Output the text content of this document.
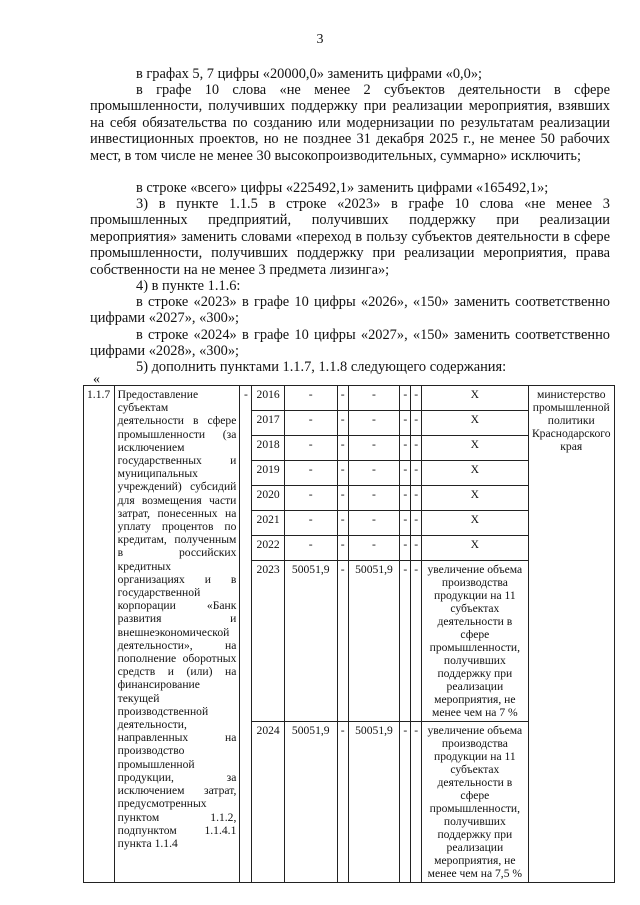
3
в графах 5, 7 цифры «20000,0» заменить цифрами «0,0»;
в графе 10 слова «не менее 2 субъектов деятельности в сфере промышленности, получивших поддержку при реализации мероприятия, взявших на себя обязательства по созданию или модернизации по результатам реализации инвестиционных проектов, но не позднее 31 декабря 2025 г., не менее 50 рабочих мест, в том числе не менее 30 высокопроизводительных, суммарно» исключить;
в строке «всего» цифры «225492,1» заменить цифрами «165492,1»;
3) в пункте 1.1.5 в строке «2023» в графе 10 слова «не менее 3 промышленных предприятий, получивших поддержку при реализации мероприятия» заменить словами «переход в пользу субъектов деятельности в сфере промышленности, получивших поддержку при реализации мероприятия, права собственности на не менее 3 предмета лизинга»;
4) в пункте 1.1.6:
в строке «2023» в графе 10 цифры «2026», «150» заменить соответственно цифрами «2027», «300»;
в строке «2024» в графе 10 цифры «2027», «150» заменить соответственно цифрами «2028», «300»;
5) дополнить пунктами 1.1.7, 1.1.8 следующего содержания:
«
1.1.7	Предоставление субъектам деятельности в сфере промышленности (за исключением государственных и муниципальных учреждений) субсидий для возмещения части затрат, понесенных на уплату процентов по кредитам, полученным в российских кредитных организациях и в государственной корпорации «Банк развития и внешнеэкономической деятельности», на пополнение оборотных средств и (или) на финансирование текущей производственной деятельности, направленных на производство промышленной продукции, за исключением затрат, предусмотренных пунктом 1.1.2, подпунктом 1.1.4.1 пункта 1.1.4	-	2016	-	-	-	-	-	X	министерство промышленной политики Краснодарского края
			2017	-	-	-	-	-	X	
			2018	-	-	-	-	-	X	
			2019	-	-	-	-	-	X	
			2020	-	-	-	-	-	X	
			2021	-	-	-	-	-	X	
			2022	-	-	-	-	-	X	
			2023	50051,9	-	50051,9	-	-	увеличение объема производства продукции на 11 субъектах деятельности в сфере промышленности, получивших поддержку при реализации мероприятия, не менее чем на 7 %	
			2024	50051,9	-	50051,9	-	-	увеличение объема производства продукции на 11 субъектах деятельности в сфере промышленности, получивших поддержку при реализации мероприятия, не менее чем на 7,5 %	
